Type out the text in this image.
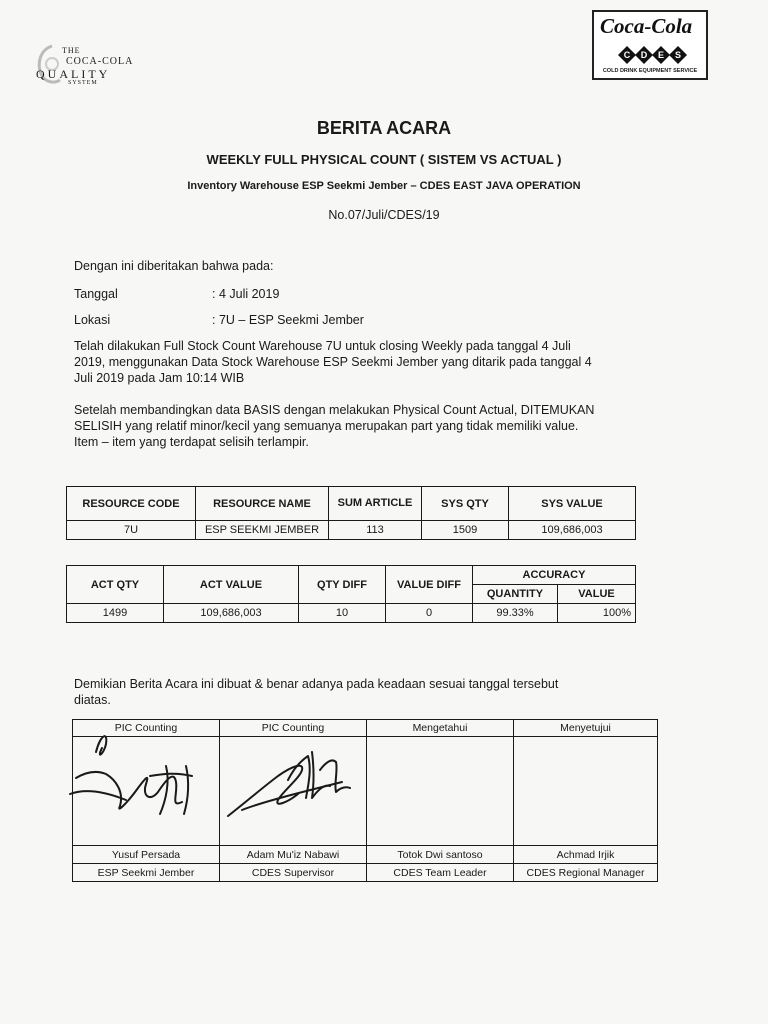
THE
COCA-COLA
QUALITY
SYSTEM
Coca-Cola
C D E S
COLD DRINK EQUIPMENT SERVICE
BERITA ACARA
WEEKLY FULL PHYSICAL COUNT ( SISTEM VS ACTUAL )
Inventory Warehouse ESP Seekmi Jember – CDES EAST JAVA OPERATION
No.07/Juli/CDES/19
Dengan ini diberitakan bahwa pada:
Tanggal	: 4 Juli 2019
Lokasi	: 7U – ESP Seekmi Jember
Telah dilakukan Full Stock Count Warehouse 7U untuk closing Weekly pada tanggal 4 Juli
2019, menggunakan Data Stock Warehouse ESP Seekmi Jember yang ditarik pada tanggal 4
Juli 2019 pada Jam 10:14 WIB
Setelah membandingkan data BASIS dengan melakukan Physical Count Actual, DITEMUKAN
SELISIH yang relatif minor/kecil yang semuanya merupakan part yang tidak memiliki value.
Item – item yang terdapat selisih terlampir.
RESOURCE CODE	RESOURCE NAME	SUM ARTICLE	SYS QTY	SYS VALUE
7U	ESP SEEKMI JEMBER	113	1509	109,686,003
ACT QTY	ACT VALUE	QTY DIFF	VALUE DIFF	ACCURACY	
				QUANTITY	VALUE
1499	109,686,003	10	0	99.33%	100%
Demikian Berita Acara ini dibuat & benar adanya pada keadaan sesuai tanggal tersebut
diatas.
PIC Counting	PIC Counting	Mengetahui	Menyetujui

Yusuf Persada	Adam Mu'iz Nabawi	Totok Dwi santoso	Achmad Irjik
ESP Seekmi Jember	CDES Supervisor	CDES Team Leader	CDES Regional Manager
